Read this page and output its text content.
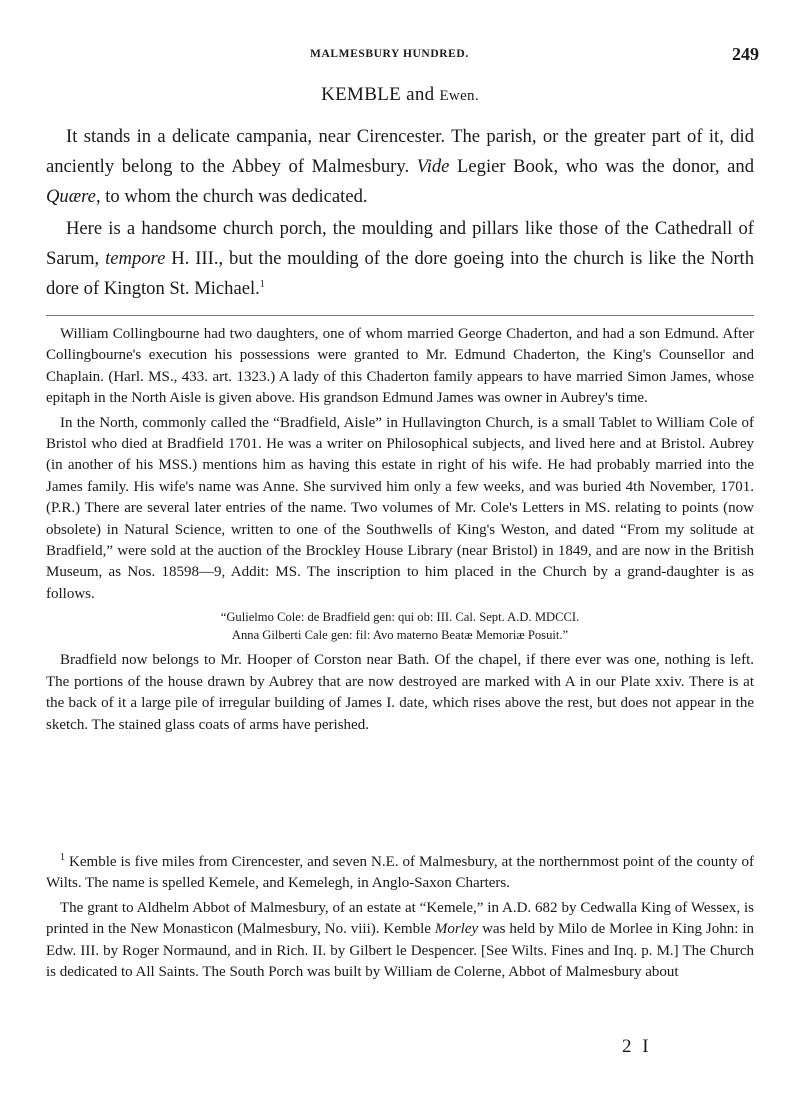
MALMESBURY HUNDRED.	249
KEMBLE and Ewen.

It stands in a delicate campania, near Cirencester. The parish, or the greater part of it, did anciently belong to the Abbey of Malmesbury. Vide Legier Book, who was the donor, and Quære, to whom the church was dedicated.

Here is a handsome church porch, the moulding and pillars like those of the Cathedrall of Sarum, tempore H. III., but the moulding of the dore goeing into the church is like the North dore of Kington St. Michael.$^1$

William Collingbourne had two daughters, one of whom married George Chaderton, and had a son Edmund. After Collingbourne's execution his possessions were granted to Mr. Edmund Chaderton, the King's Counsellor and Chaplain. (Harl. MS., 433. art. 1323.) A lady of this Chaderton family appears to have married Simon James, whose epitaph in the North Aisle is given above. His grandson Edmund James was owner in Aubrey's time.

In the North, commonly called the “Bradfield, Aisle” in Hullavington Church, is a small Tablet to William Cole of Bristol who died at Bradfield 1701. He was a writer on Philosophical subjects, and lived here and at Bristol. Aubrey (in another of his MSS.) mentions him as having this estate in right of his wife. He had probably married into the James family. His wife's name was Anne. She survived him only a few weeks, and was buried 4th November, 1701. (P.R.) There are several later entries of the name. Two volumes of Mr. Cole's Letters in MS. relating to points (now obsolete) in Natural Science, written to one of the Southwells of King's Weston, and dated “From my solitude at Bradfield,” were sold at the auction of the Brockley House Library (near Bristol) in 1849, and are now in the British Museum, as Nos. 18598—9, Addit: MS. The inscription to him placed in the Church by a grand-daughter is as follows.

“Gulielmo Cole: de Bradfield gen: qui ob: III. Cal. Sept. A.D. MDCCI.
Anna Gilberti Cale gen: fil: Avo materno Beatæ Memoriæ Posuit.”

Bradfield now belongs to Mr. Hooper of Corston near Bath. Of the chapel, if there ever was one, nothing is left. The portions of the house drawn by Aubrey that are now destroyed are marked with A in our Plate xxiv. There is at the back of it a large pile of irregular building of James I. date, which rises above the rest, but does not appear in the sketch. The stained glass coats of arms have perished.

$^1$ Kemble is five miles from Cirencester, and seven N.E. of Malmesbury, at the northernmost point of the county of Wilts. The name is spelled Kemele, and Kemelegh, in Anglo-Saxon Charters.

The grant to Aldhelm Abbot of Malmesbury, of an estate at “Kemele,” in A.D. 682 by Cedwalla King of Wessex, is printed in the New Monasticon (Malmesbury, No. viii). Kemble Morley was held by Milo de Morlee in King John: in Edw. III. by Roger Normaund, and in Rich. II. by Gilbert le Despencer. [See Wilts. Fines and Inq. p. M.] The Church is dedicated to All Saints. The South Porch was built by William de Colerne, Abbot of Malmesbury about

2 I
